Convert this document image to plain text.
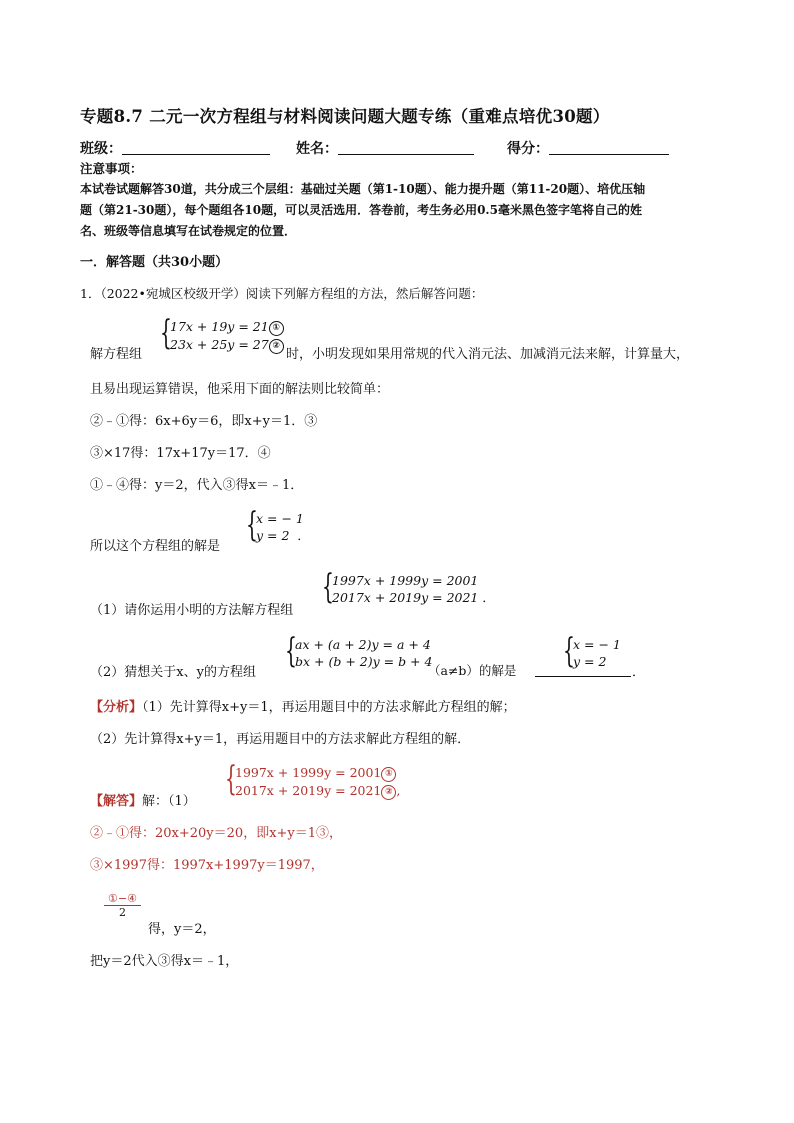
专题8.7 二元一次方程组与材料阅读问题大题专练（重难点培优30题）
班级：	姓名：	得分：
注意事项：
本试卷试题解答30道，共分成三个层组：基础过关题（第1-10题）、能力提升题（第11-20题）、培优压轴
题（第21-30题），每个题组各10题，可以灵活选用．答卷前，考生务必用0.5毫米黑色签字笔将自己的姓
名、班级等信息填写在试卷规定的位置．
一．解答题（共30小题）
1．（2022•宛城区校级开学）阅读下列解方程组的方法，然后解答问题：
解方程组
{
17x + 19y = 21 ①
23x + 25y = 27 ②
时，小明发现如果用常规的代入消元法、加减消元法来解，计算量大，
且易出现运算错误，他采用下面的解法则比较简单：
②﹣①得：6x+6y＝6，即x+y＝1．③
③×17得：17x+17y＝17．④
①﹣④得：y＝2，代入③得x＝﹣1．
所以这个方程组的解是
{
x = − 1
y = 2  ．
（1）请你运用小明的方法解方程组
{
1997x + 1999y = 2001
2017x + 2019y = 2021 ．
（2）猜想关于x、y的方程组
{
ax + (a + 2)y = a + 4
bx + (b + 2)y = b + 4
（a≠b）的解是 {
x = − 1
y = 2
．
【分析】（1）先计算得x+y＝1，再运用题目中的方法求解此方程组的解；
（2）先计算得x+y＝1，再运用题目中的方法求解此方程组的解．
【解答】解：（1）
{
1997x + 1999y = 2001 ①
2017x + 2019y = 2021 ② ,
②﹣①得：20x+20y＝20，即x+y＝1③，
③×1997得：1997x+1997y＝1997，
①−④
2
得，y＝2，
把y＝2代入③得x＝﹣1，
